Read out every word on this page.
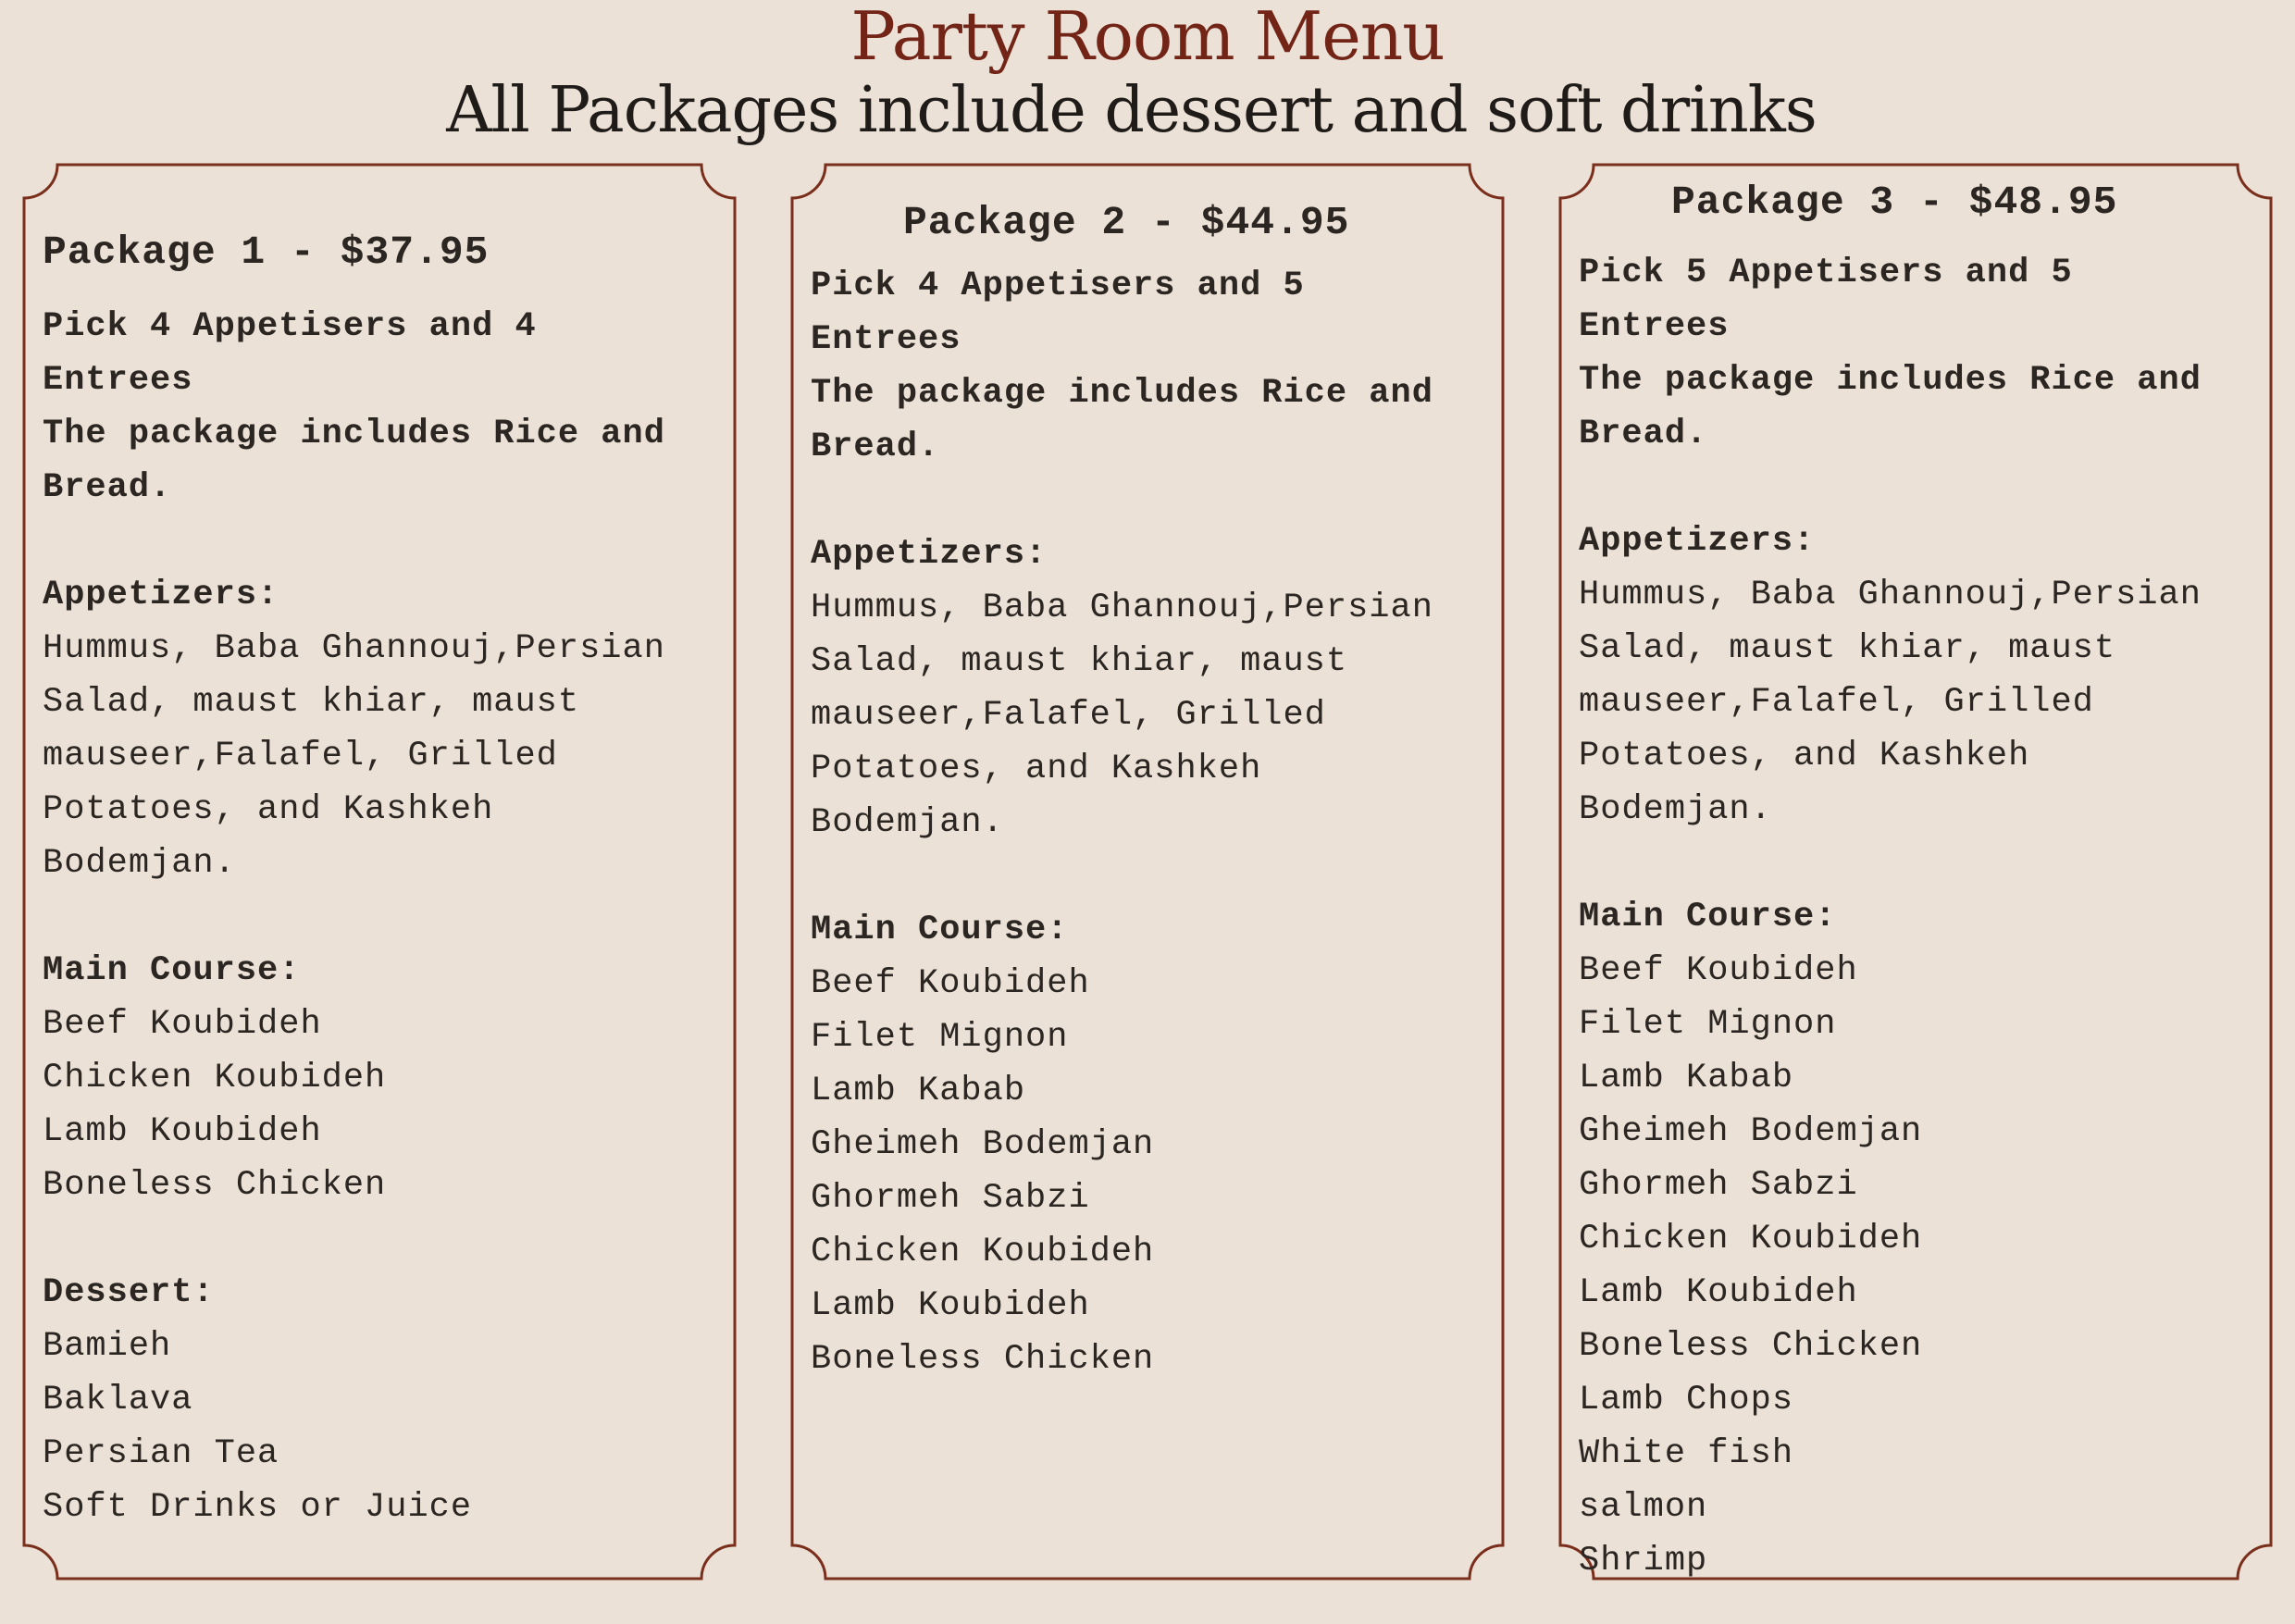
Party Room Menu
All Packages include dessert and soft drinks

Package 1 - $37.95

Pick 4 Appetisers and 4
Entrees
The package includes Rice and
Bread.

Appetizers:

Hummus, Baba Ghannouj,Persian
Salad, maust khiar, maust
mauseer,Falafel, Grilled
Potatoes, and Kashkeh
Bodemjan.

Main Course:

Beef Koubideh
Chicken Koubideh
Lamb Koubideh
Boneless Chicken

Dessert:

Bamieh
Baklava
Persian Tea
Soft Drinks or Juice

Package 2 - $44.95

Pick 4 Appetisers and 5
Entrees
The package includes Rice and
Bread.

Appetizers:

Hummus, Baba Ghannouj,Persian
Salad, maust khiar, maust
mauseer,Falafel, Grilled
Potatoes, and Kashkeh
Bodemjan.

Main Course:

Beef Koubideh
Filet Mignon
Lamb Kabab
Gheimeh Bodemjan
Ghormeh Sabzi
Chicken Koubideh
Lamb Koubideh
Boneless Chicken

Package 3 - $48.95

Pick 5 Appetisers and 5
Entrees
The package includes Rice and
Bread.

Appetizers:

Hummus, Baba Ghannouj,Persian
Salad, maust khiar, maust
mauseer,Falafel, Grilled
Potatoes, and Kashkeh
Bodemjan.

Main Course:

Beef Koubideh
Filet Mignon
Lamb Kabab
Gheimeh Bodemjan
Ghormeh Sabzi
Chicken Koubideh
Lamb Koubideh
Boneless Chicken
Lamb Chops
White fish
salmon
Shrimp
